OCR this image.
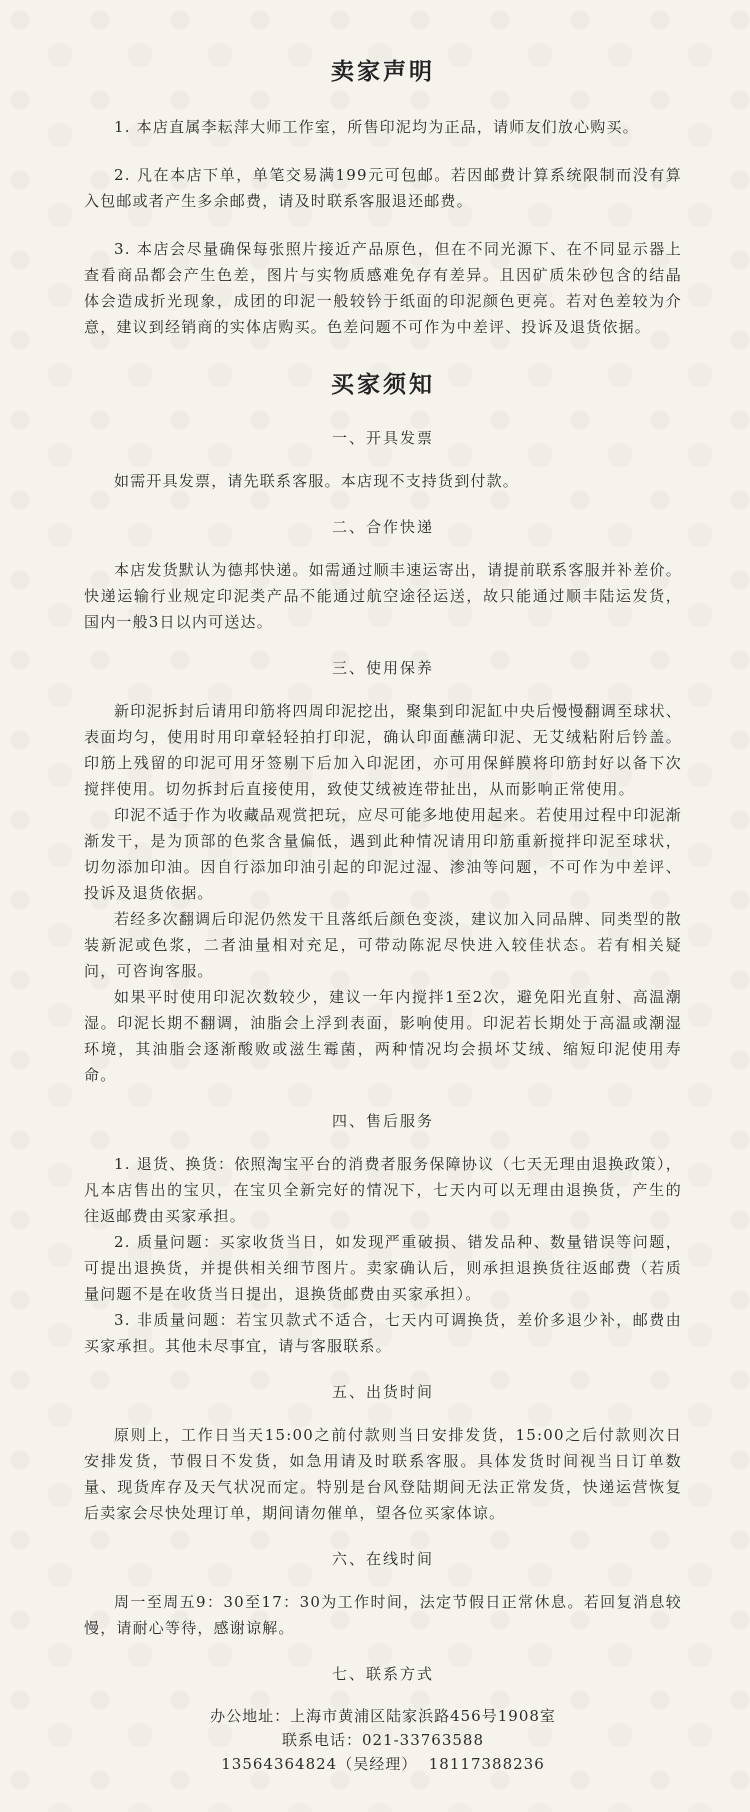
卖家声明

1. 本店直属李耘萍大师工作室，所售印泥均为正品，请师友们放心购买。

2. 凡在本店下单，单笔交易满199元可包邮。若因邮费计算系统限制而没有算入包邮或者产生多余邮费，请及时联系客服退还邮费。

3. 本店会尽量确保每张照片接近产品原色，但在不同光源下、在不同显示器上查看商品都会产生色差，图片与实物质感难免存有差异。且因矿质朱砂包含的结晶体会造成折光现象，成团的印泥一般较钤于纸面的印泥颜色更亮。若对色差较为介意，建议到经销商的实体店购买。色差问题不可作为中差评、投诉及退货依据。

买家须知
一、开具发票

如需开具发票，请先联系客服。本店现不支持货到付款。

二、合作快递

本店发货默认为德邦快递。如需通过顺丰速运寄出，请提前联系客服并补差价。快递运输行业规定印泥类产品不能通过航空途径运送，故只能通过顺丰陆运发货，国内一般3日以内可送达。

三、使用保养

新印泥拆封后请用印筋将四周印泥挖出，聚集到印泥缸中央后慢慢翻调至球状、表面均匀，使用时用印章轻轻拍打印泥，确认印面蘸满印泥、无艾绒粘附后钤盖。印筋上残留的印泥可用牙签剔下后加入印泥团，亦可用保鲜膜将印筋封好以备下次搅拌使用。切勿拆封后直接使用，致使艾绒被连带扯出，从而影响正常使用。

印泥不适于作为收藏品观赏把玩，应尽可能多地使用起来。若使用过程中印泥渐渐发干，是为顶部的色浆含量偏低，遇到此种情况请用印筋重新搅拌印泥至球状，切勿添加印油。因自行添加印油引起的印泥过湿、渗油等问题，不可作为中差评、投诉及退货依据。

若经多次翻调后印泥仍然发干且落纸后颜色变淡，建议加入同品牌、同类型的散装新泥或色浆，二者油量相对充足，可带动陈泥尽快进入较佳状态。若有相关疑问，可咨询客服。

如果平时使用印泥次数较少，建议一年内搅拌1至2次，避免阳光直射、高温潮湿。印泥长期不翻调，油脂会上浮到表面，影响使用。印泥若长期处于高温或潮湿环境，其油脂会逐渐酸败或滋生霉菌，两种情况均会损坏艾绒、缩短印泥使用寿命。

四、售后服务

1. 退货、换货：依照淘宝平台的消费者服务保障协议（七天无理由退换政策），凡本店售出的宝贝，在宝贝全新完好的情况下，七天内可以无理由退换货，产生的往返邮费由买家承担。

2. 质量问题：买家收货当日，如发现严重破损、错发品种、数量错误等问题，可提出退换货，并提供相关细节图片。卖家确认后，则承担退换货往返邮费（若质量问题不是在收货当日提出，退换货邮费由买家承担）。

3. 非质量问题：若宝贝款式不适合，七天内可调换货，差价多退少补，邮费由买家承担。其他未尽事宜，请与客服联系。

五、出货时间

原则上，工作日当天15:00之前付款则当日安排发货，15:00之后付款则次日安排发货，节假日不发货，如急用请及时联系客服。具体发货时间视当日订单数量、现货库存及天气状况而定。特别是台风登陆期间无法正常发货，快递运营恢复后卖家会尽快处理订单，期间请勿催单，望各位买家体谅。

六、在线时间

周一至周五9：30至17：30为工作时间，法定节假日正常休息。若回复消息较慢，请耐心等待，感谢谅解。

七、联系方式
办公地址：上海市黄浦区陆家浜路456号1908室
联系电话：021-33763588
13564364824（吴经理）  18117388236
